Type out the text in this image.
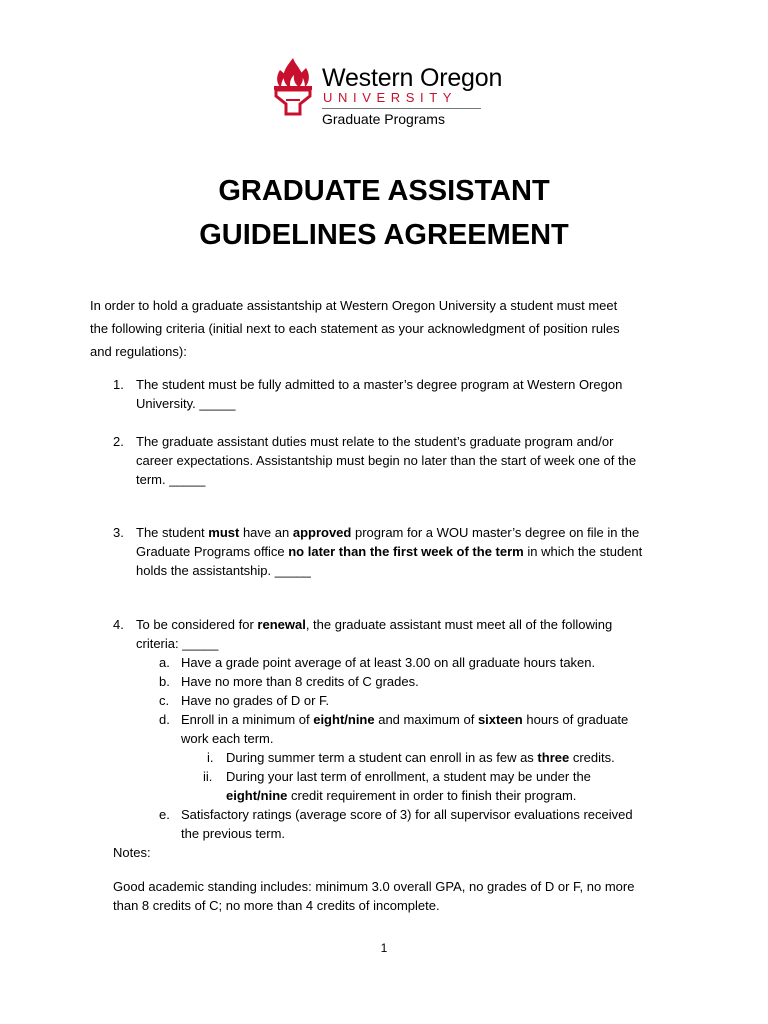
Western Oregon
UNIVERSITY
Graduate Programs
GRADUATE ASSISTANT
GUIDELINES AGREEMENT
In order to hold a graduate assistantship at Western Oregon University a student must meet
the following criteria (initial next to each statement as your acknowledgment of position rules
and regulations):
1. The student must be fully admitted to a master’s degree program at Western Oregon
University. _____
2. The graduate assistant duties must relate to the student’s graduate program and/or
career expectations. Assistantship must begin no later than the start of week one of the
term. _____
3. The student must have an approved program for a WOU master’s degree on file in the
Graduate Programs office no later than the first week of the term in which the student
holds the assistantship. _____
4. To be considered for renewal, the graduate assistant must meet all of the following
criteria: _____
a. Have a grade point average of at least 3.00 on all graduate hours taken.
b. Have no more than 8 credits of C grades.
c. Have no grades of D or F.
d. Enroll in a minimum of eight/nine and maximum of sixteen hours of graduate
work each term.
i. During summer term a student can enroll in as few as three credits.
ii. During your last term of enrollment, a student may be under the
eight/nine credit requirement in order to finish their program.
e. Satisfactory ratings (average score of 3) for all supervisor evaluations received
the previous term.
Notes:
Good academic standing includes: minimum 3.0 overall GPA, no grades of D or F, no more
than 8 credits of C; no more than 4 credits of incomplete.
1
